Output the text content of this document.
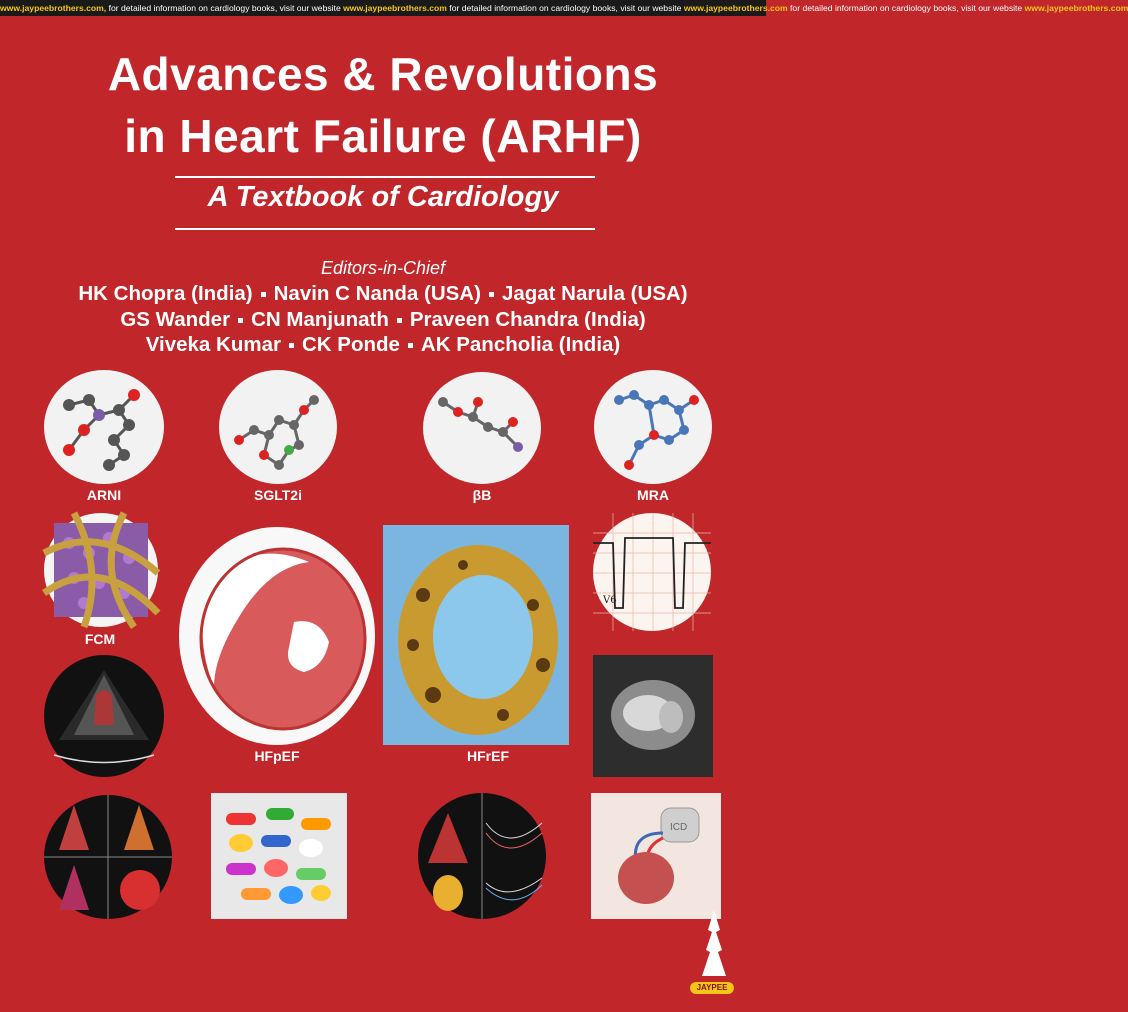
www.jaypeebrothers.com, for detailed information on cardiology books, visit our website www.jaypeebrothers.com for detailed information on cardiology books, visit our website www.jaypeebrothers.com for detailed information on cardiology books, visit our website www.jaypeebrothers.com
Advances & Revolutions
in Heart Failure (ARHF)
A Textbook of Cardiology
Editors-in-Chief
HK Chopra (India) Navin C Nanda (USA) Jagat Narula (USA)
GS Wander CN Manjunath Praveen Chandra (India)
Viveka Kumar CK Ponde AK Pancholia (India)
ARNI	SGLT2i	βB	MRA
FCM
HFpEF	HFrEF
V6
ICD
JAYPEE
